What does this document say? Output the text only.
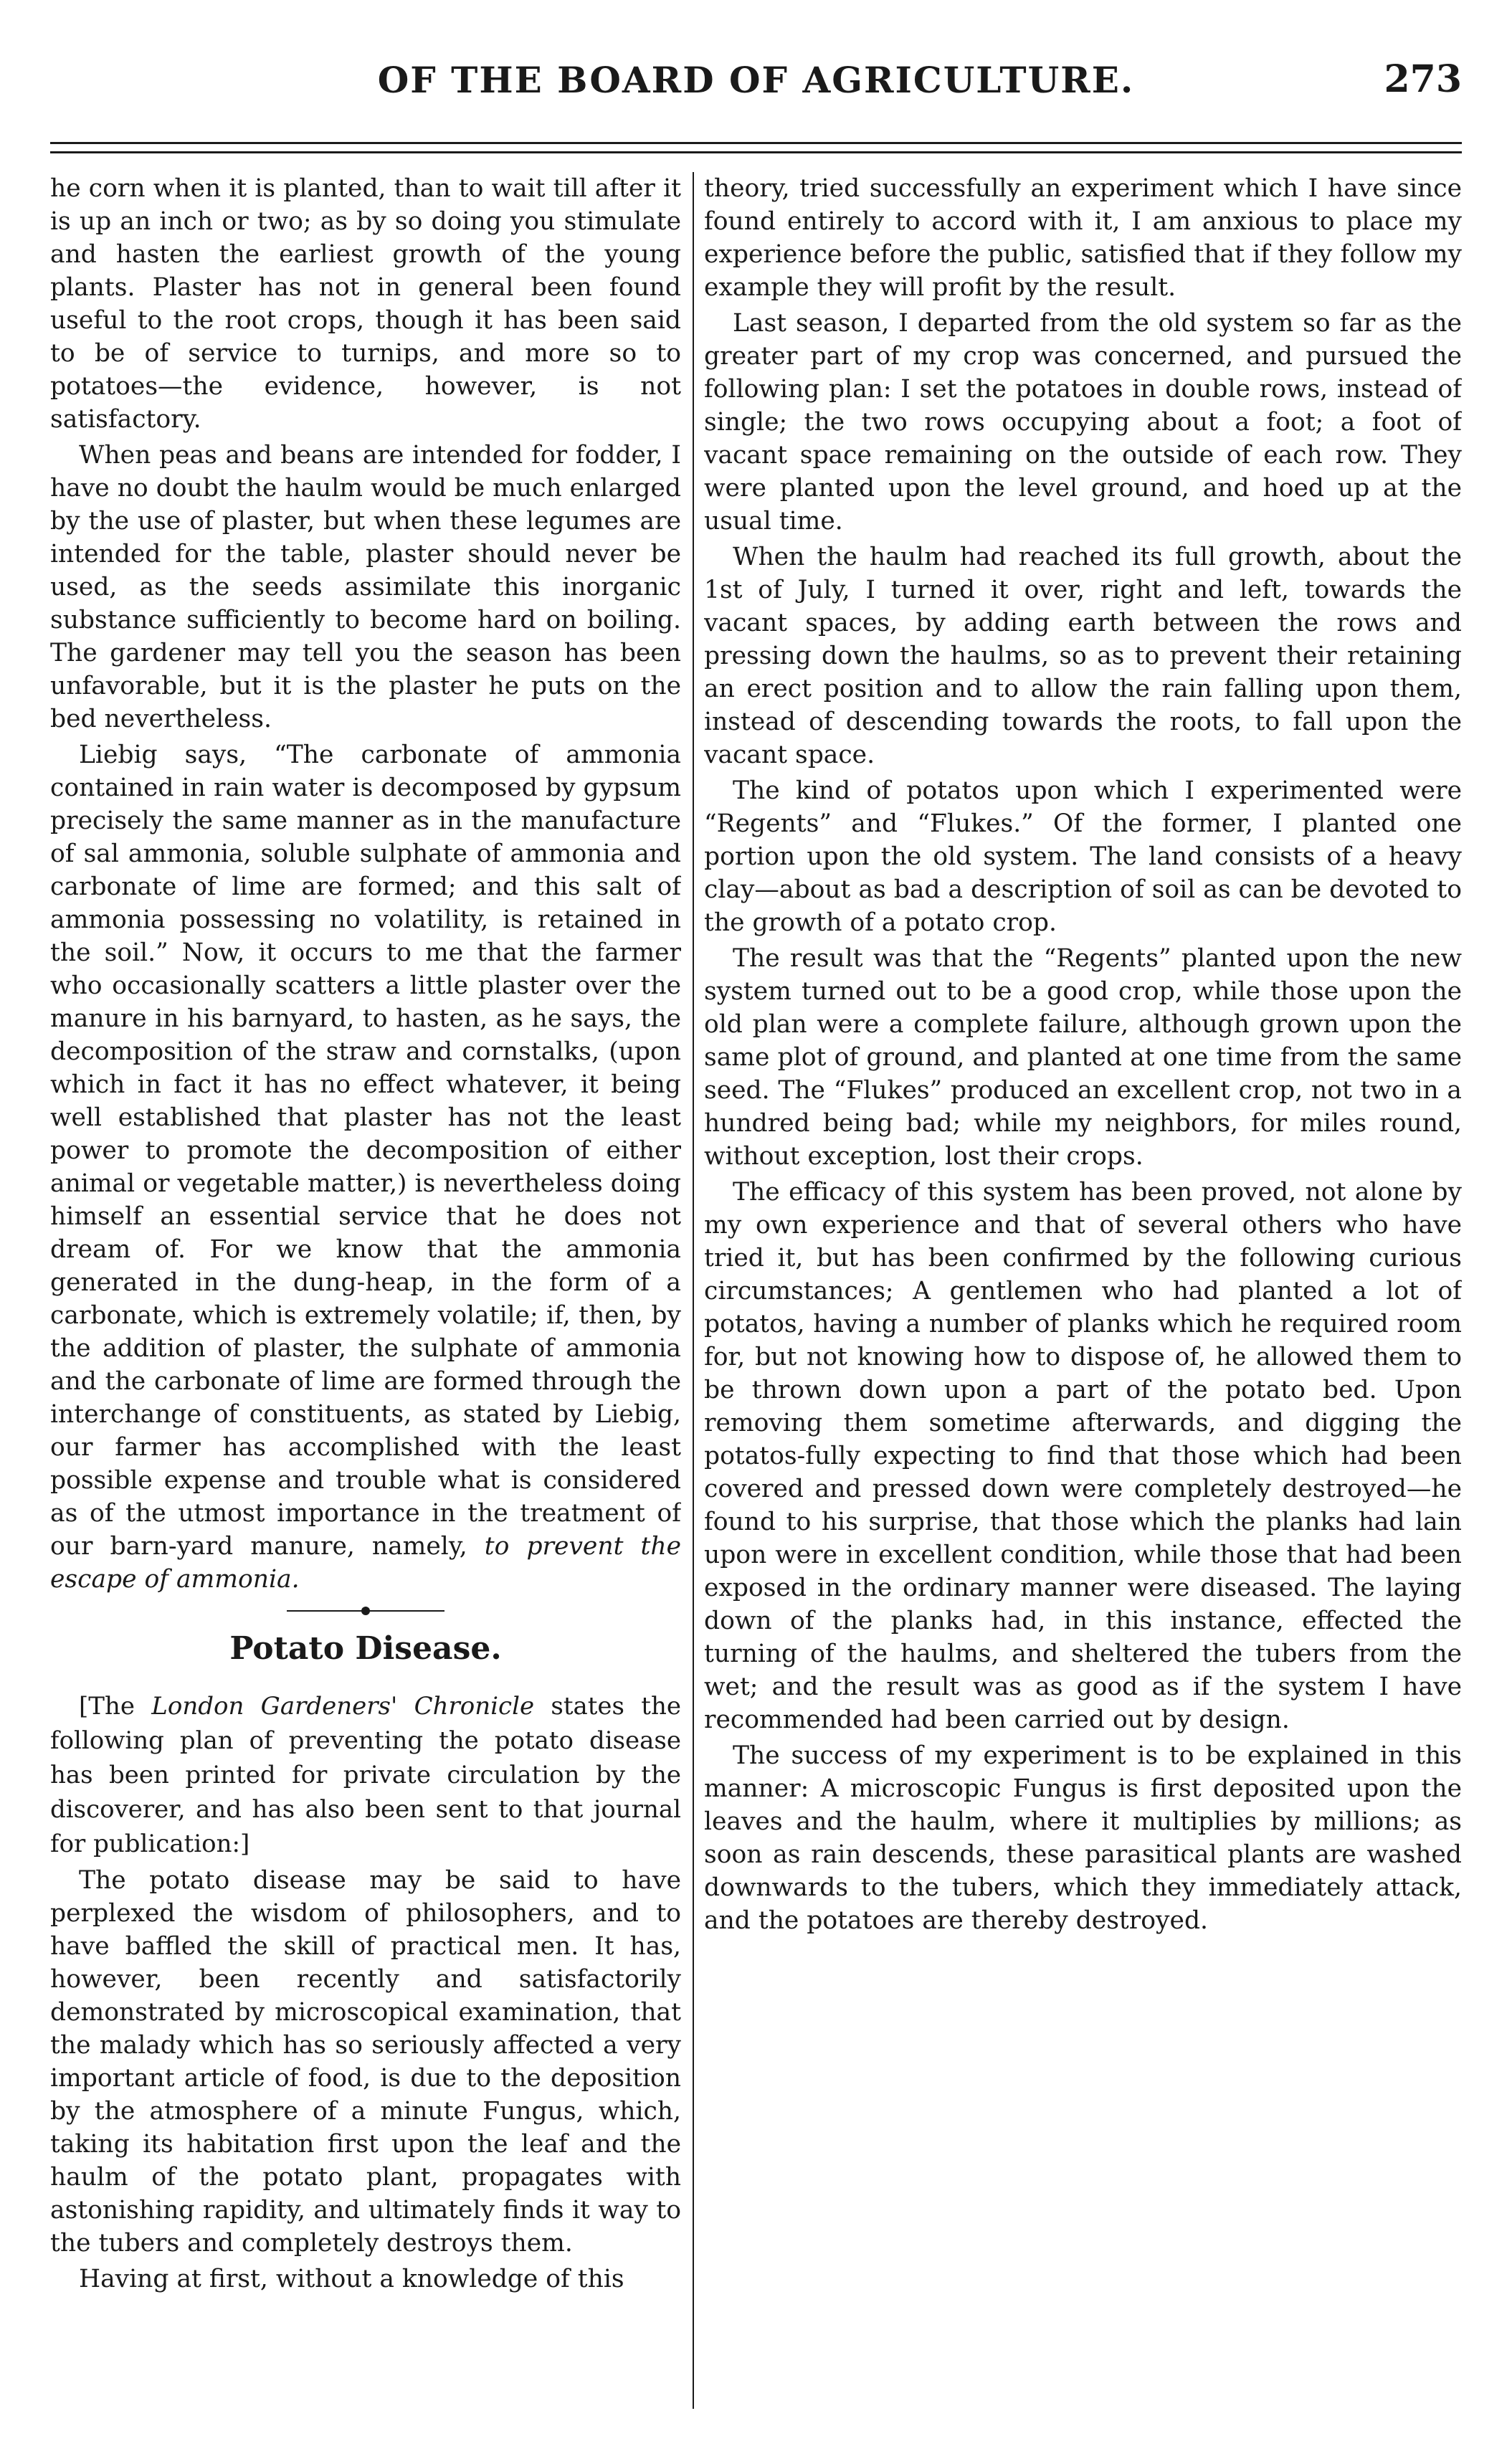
OF THE BOARD OF AGRICULTURE.	273

he corn when it is planted, than to wait till after it is up an inch or two; as by so doing you stimulate and hasten the earliest growth of the young plants. Plaster has not in general been found useful to the root crops, though it has been said to be of service to turnips, and more so to potatoes—the evidence, however, is not satisfactory.

When peas and beans are intended for fodder, I have no doubt the haulm would be much enlarged by the use of plaster, but when these legumes are intended for the table, plaster should never be used, as the seeds assimilate this inorganic substance sufficiently to become hard on boiling. The gardener may tell you the season has been unfavorable, but it is the plaster he puts on the bed nevertheless.

Liebig says, “The carbonate of ammonia contained in rain water is decomposed by gypsum precisely the same manner as in the manufacture of sal ammonia, soluble sulphate of ammonia and carbonate of lime are formed; and this salt of ammonia possessing no volatility, is retained in the soil.” Now, it occurs to me that the farmer who occasionally scatters a little plaster over the manure in his barnyard, to hasten, as he says, the decomposition of the straw and cornstalks, (upon which in fact it has no effect whatever, it being well established that plaster has not the least power to promote the decomposition of either animal or vegetable matter,) is nevertheless doing himself an essential service that he does not dream of. For we know that the ammonia generated in the dung-heap, in the form of a carbonate, which is extremely volatile; if, then, by the addition of plaster, the sulphate of ammonia and the carbonate of lime are formed through the interchange of constituents, as stated by Liebig, our farmer has accomplished with the least possible expense and trouble what is considered as of the utmost importance in the treatment of our barn-yard manure, namely, to prevent the escape of ammonia.

Potato Disease.

[The London Gardeners' Chronicle states the following plan of preventing the potato disease has been printed for private circulation by the discoverer, and has also been sent to that journal for publication:]

The potato disease may be said to have perplexed the wisdom of philosophers, and to have baffled the skill of practical men. It has, however, been recently and satisfactorily demonstrated by microscopical examination, that the malady which has so seriously affected a very important article of food, is due to the deposition by the atmosphere of a minute Fungus, which, taking its habitation first upon the leaf and the haulm of the potato plant, propagates with astonishing rapidity, and ultimately finds it way to the tubers and completely destroys them.

Having at first, without a knowledge of this

theory, tried successfully an experiment which I have since found entirely to accord with it, I am anxious to place my experience before the public, satisfied that if they follow my example they will profit by the result.

Last season, I departed from the old system so far as the greater part of my crop was concerned, and pursued the following plan: I set the potatoes in double rows, instead of single; the two rows occupying about a foot; a foot of vacant space remaining on the outside of each row. They were planted upon the level ground, and hoed up at the usual time.

When the haulm had reached its full growth, about the 1st of July, I turned it over, right and left, towards the vacant spaces, by adding earth between the rows and pressing down the haulms, so as to prevent their retaining an erect position and to allow the rain falling upon them, instead of descending towards the roots, to fall upon the vacant space.

The kind of potatos upon which I experimented were “Regents” and “Flukes.” Of the former, I planted one portion upon the old system. The land consists of a heavy clay—about as bad a description of soil as can be devoted to the growth of a potato crop.

The result was that the “Regents” planted upon the new system turned out to be a good crop, while those upon the old plan were a complete failure, although grown upon the same plot of ground, and planted at one time from the same seed. The “Flukes” produced an excellent crop, not two in a hundred being bad; while my neighbors, for miles round, without exception, lost their crops.

The efficacy of this system has been proved, not alone by my own experience and that of several others who have tried it, but has been confirmed by the following curious circumstances; A gentlemen who had planted a lot of potatos, having a number of planks which he required room for, but not knowing how to dispose of, he allowed them to be thrown down upon a part of the potato bed. Upon removing them sometime afterwards, and digging the potatos-fully expecting to find that those which had been covered and pressed down were completely destroyed—he found to his surprise, that those which the planks had lain upon were in excellent condition, while those that had been exposed in the ordinary manner were diseased. The laying down of the planks had, in this instance, effected the turning of the haulms, and sheltered the tubers from the wet; and the result was as good as if the system I have recommended had been carried out by design.

The success of my experiment is to be explained in this manner: A microscopic Fungus is first deposited upon the leaves and the haulm, where it multiplies by millions; as soon as rain descends, these parasitical plants are washed downwards to the tubers, which they immediately attack, and the potatoes are thereby destroyed.
